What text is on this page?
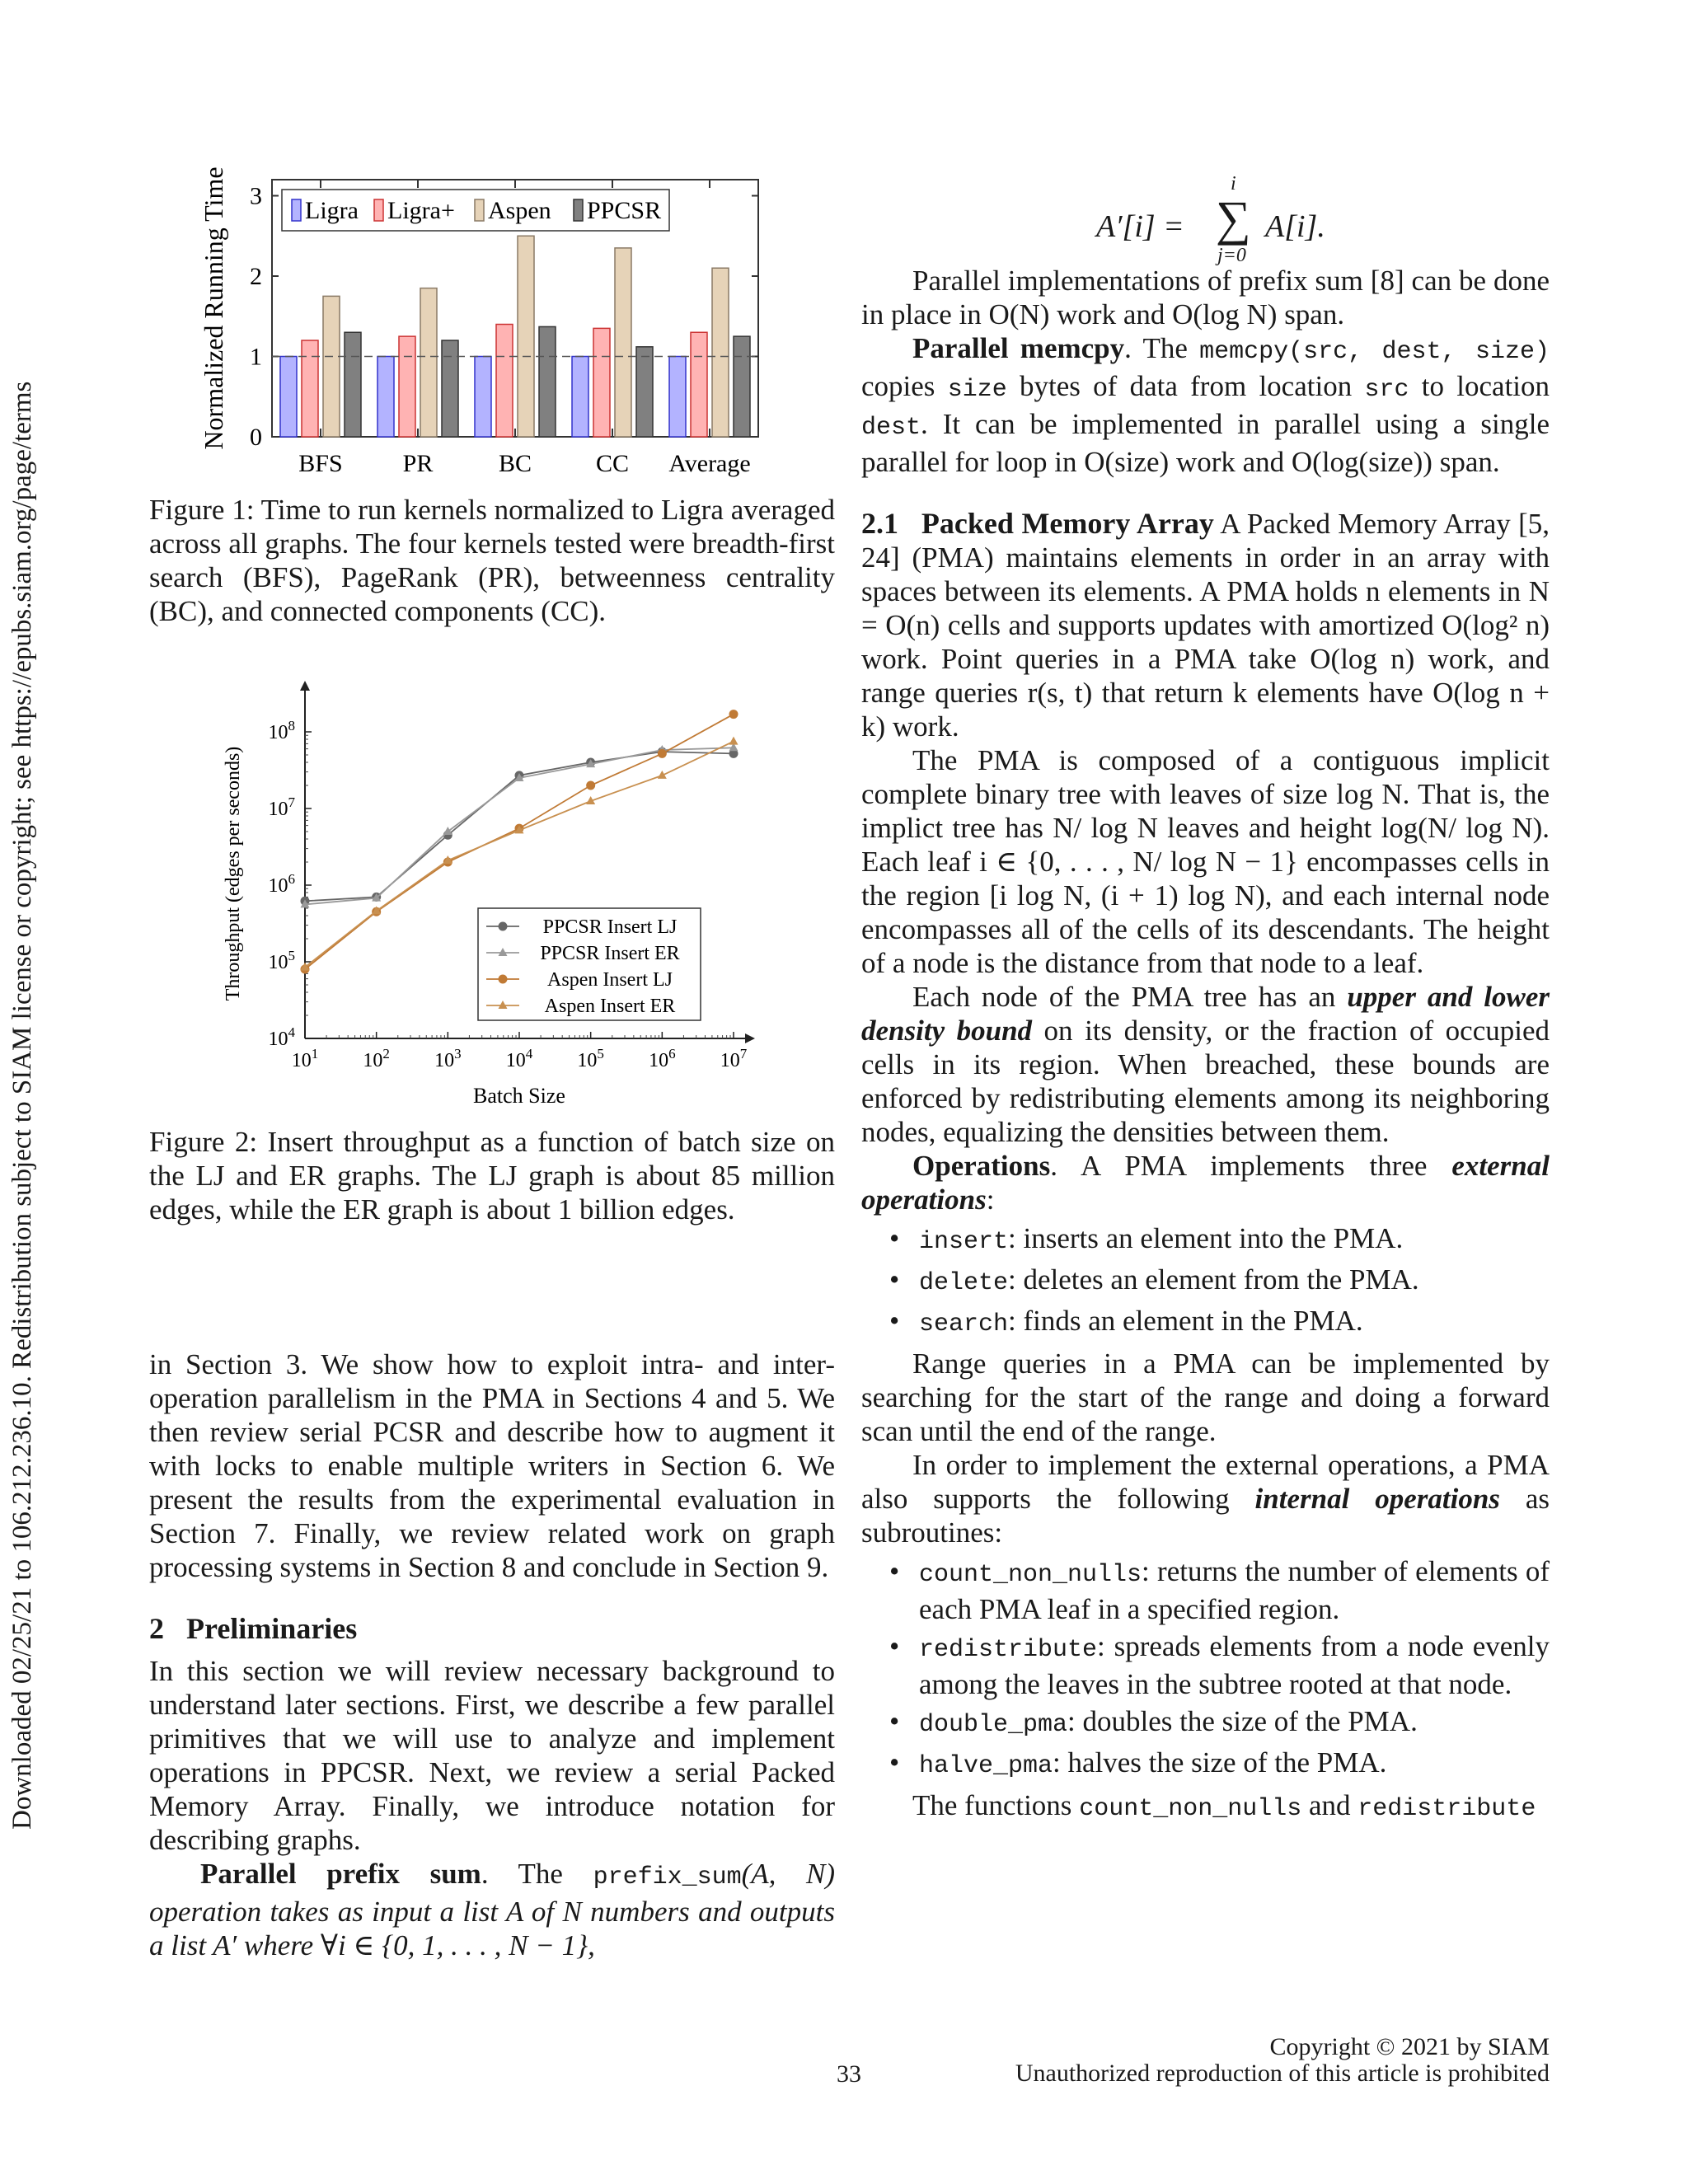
Downloaded 02/25/21 to 106.212.236.10. Redistribution subject to SIAM license or copyright; see https://epubs.siam.org/page/terms	0
1
2
3
Normalized Running Time
BFS PR	BC	CC Average
Ligra Ligra+ Aspen PPCSR

Figure 1: Time to run kernels normalized to Ligra averaged across all graphs. The four kernels tested were breadth-first search (BFS), PageRank (PR), betweenness centrality (BC), and connected components (CC).

$10^1$ $10^2$ $10^3$ $10^4$ $10^5$ $10^6$ $10^7$
$10^4$
$10^5$
$10^6$
$10^7$
$10^8$
Batch Size
Throughput (edges per seconds)	PPCSR Insert LJ
PPCSR Insert ER
Aspen Insert LJ
Aspen Insert ER

Figure 2: Insert throughput as a function of batch size on the LJ and ER graphs. The LJ graph is about 85 million edges, while the ER graph is about 1 billion edges.

in Section 3. We show how to exploit intra- and inter-operation parallelism in the PMA in Sections 4 and 5. We then review serial PCSR and describe how to augment it with locks to enable multiple writers in Section 6. We present the results from the experimental evaluation in Section 7. Finally, we review related work on graph processing systems in Section 8 and conclude in Section 9.

2 Preliminaries

In this section we will review necessary background to understand later sections. First, we describe a few parallel primitives that we will use to analyze and implement operations in PPCSR. Next, we review a serial Packed Memory Array. Finally, we introduce notation for describing graphs.

Parallel prefix sum. The prefix_sum(A, N) operation takes as input a list A of N numbers and outputs a list A′ where ∀i ∈ {0, 1, . . . , N − 1},

A′[i] = ∑
i
j=0
A[i].

Parallel implementations of prefix sum [8] can be done in place in O(N) work and O(log N) span.

Parallel memcpy. The memcpy(src, dest, size) copies size bytes of data from location src to location dest. It can be implemented in parallel using a single parallel for loop in O(size) work and O(log(size)) span.

2.1 Packed Memory Array A Packed Memory Array [5, 24] (PMA) maintains elements in order in an array with spaces between its elements. A PMA holds n elements in N = O(n) cells and supports updates with amortized O(log² n) work. Point queries in a PMA take O(log n) work, and range queries r(s, t) that return k elements have O(log n + k) work.

The PMA is composed of a contiguous implicit complete binary tree with leaves of size log N. That is, the implict tree has N/ log N leaves and height log(N/ log N). Each leaf i ∈ {0, . . . , N/ log N − 1} encompasses cells in the region [i log N, (i + 1) log N), and each internal node encompasses all of the cells of its descendants. The height of a node is the distance from that node to a leaf.

Each node of the PMA tree has an upper and lower density bound on its density, or the fraction of occupied cells in its region. When breached, these bounds are enforced by redistributing elements among its neighboring nodes, equalizing the densities between them.

Operations. A PMA implements three external operations:

• insert: inserts an element into the PMA.
• delete: deletes an element from the PMA.
• search: finds an element in the PMA.

Range queries in a PMA can be implemented by searching for the start of the range and doing a forward scan until the end of the range.

In order to implement the external operations, a PMA also supports the following internal operations as subroutines:

• count_non_nulls: returns the number of elements of each PMA leaf in a specified region.
• redistribute: spreads elements from a node evenly among the leaves in the subtree rooted at that node.
• double_pma: doubles the size of the PMA.
• halve_pma: halves the size of the PMA.

The functions count_non_nulls and redistribute

33
Copyright © 2021 by SIAM
Unauthorized reproduction of this article is prohibited
